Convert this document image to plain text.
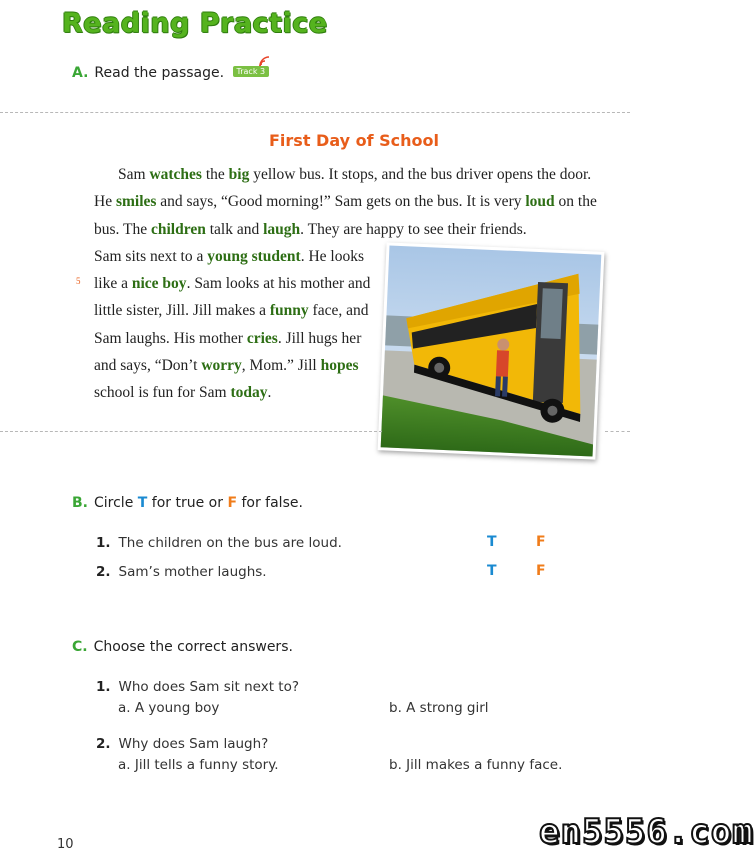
Reading Practice
A. Read the passage. Track 3
First Day of School

Sam watches the big yellow bus. It stops, and the bus driver opens the door. He smiles and says, “Good morning!” Sam gets on the bus. It is very loud on the bus. The children talk and laugh. They are happy to see their friends.

Sam sits next to a young student. He looks like a nice boy. Sam looks at his mother and little sister, Jill. Jill makes a funny face, and Sam laughs. His mother cries. Jill hugs her and says, “Don’t worry, Mom.” Jill hopes school is fun for Sam today.

5
B. Circle T for true or F for false.
1. The children on the bus are loud.	T	F
2. Sam’s mother laughs.	T	F
C. Choose the correct answers.
1. Who does Sam sit next to?
a. A young boy	b. A strong girl
2. Why does Sam laugh?
a. Jill tells a funny story.	b. Jill makes a funny face.
10	en5556.com
